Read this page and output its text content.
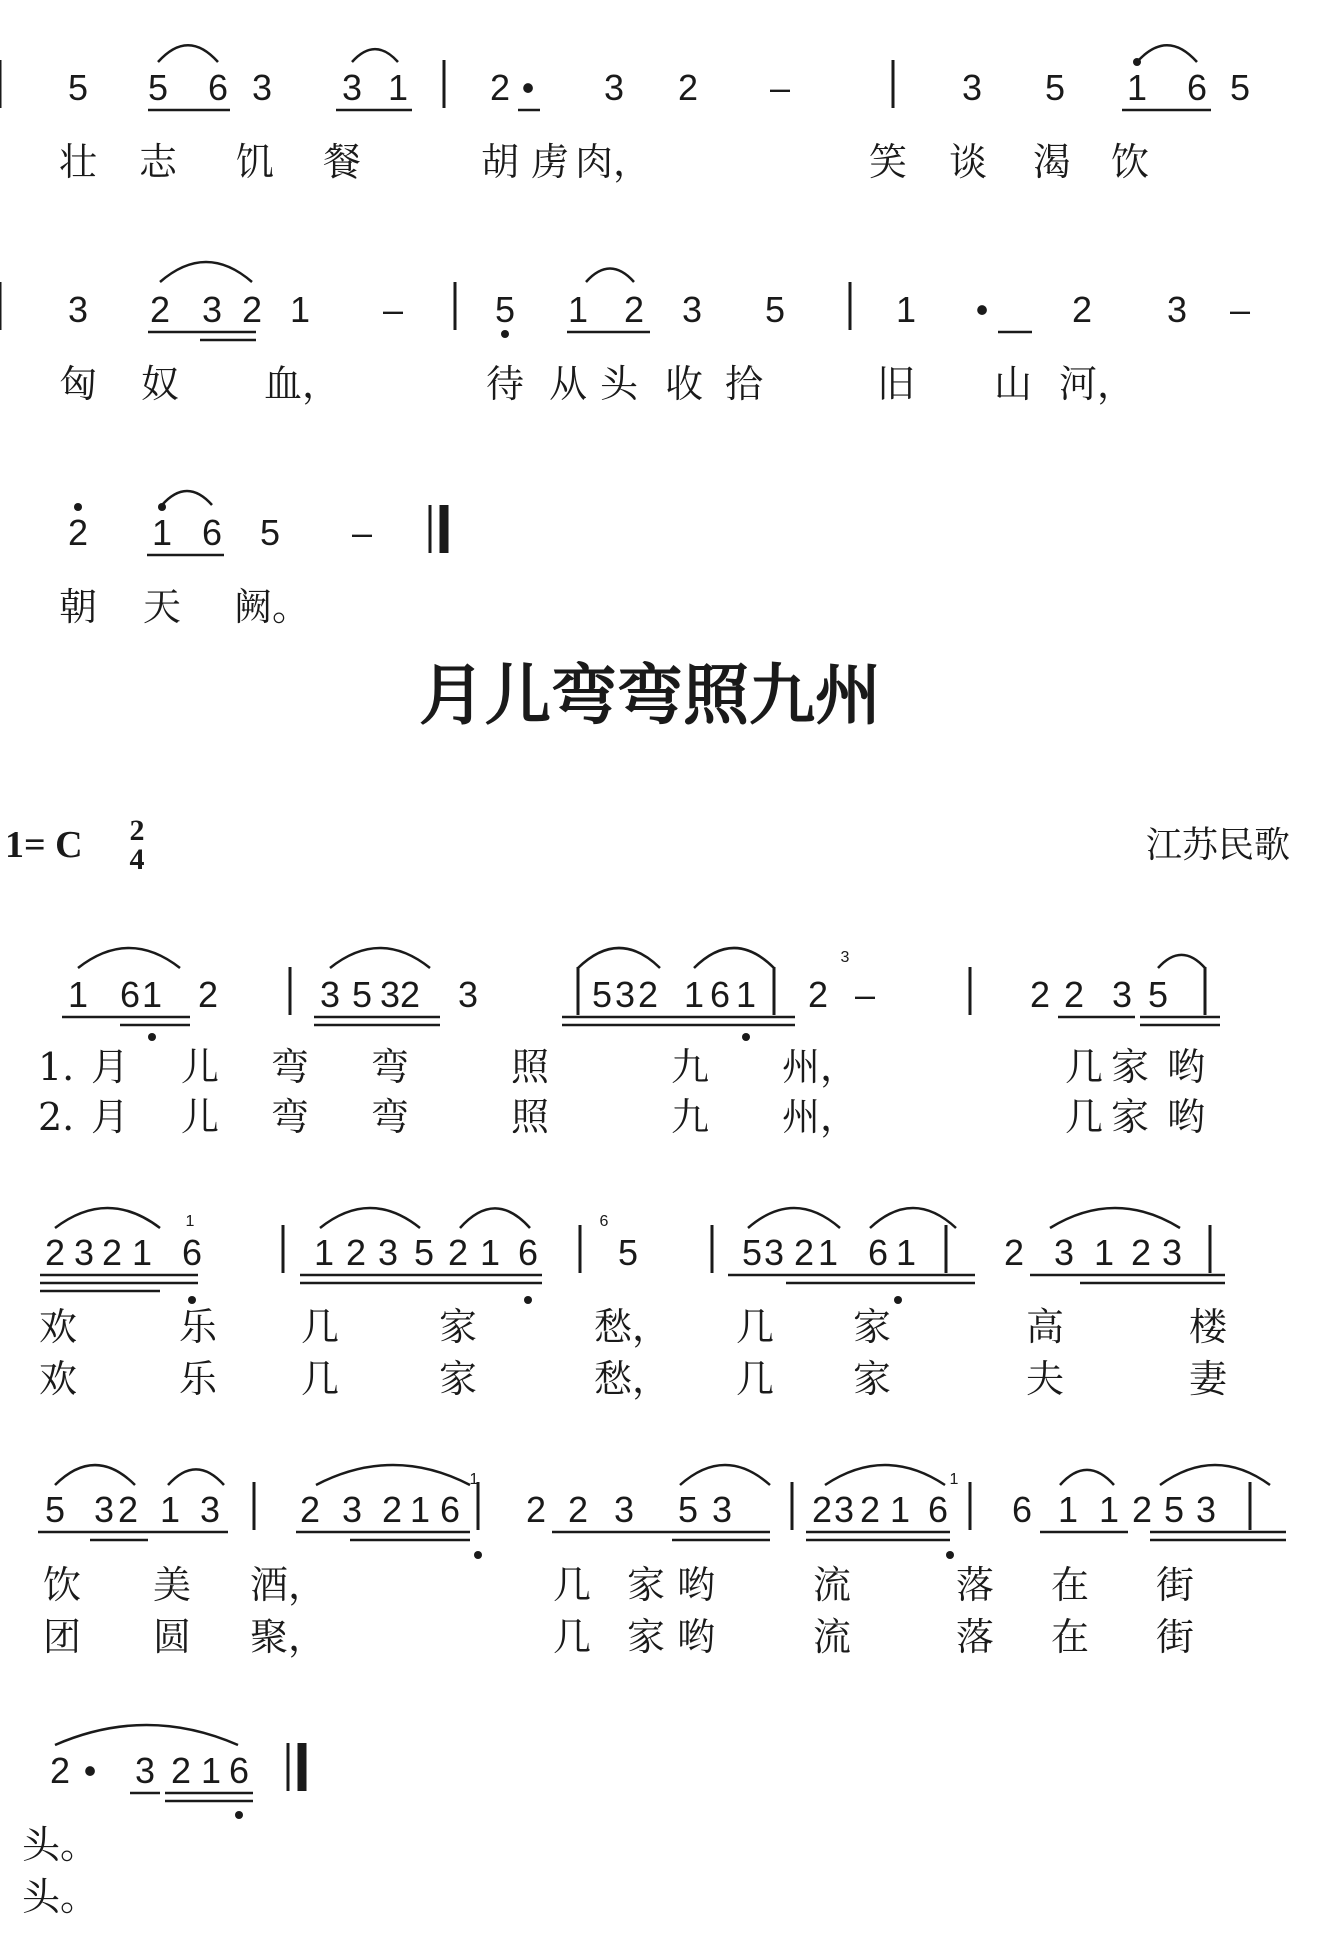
5 5 6 3 3 1 2 • 3 2 –	3 5 1 6 5
3 2 3 2 1 –	5 1 2 3 5	1 • 2 3 –
2 1 6 5 –
1 6 1 2	3 5 3 2 3	5 3 2 1 6 1 2 –	2 2 3 5
2 3 2 1 6	1 2 3 5 2 1 6 5	5 3 2 1 6 1 2 3 1 2 3
5 3 2 1 3 2 3 2 1 6 2 2 3 5 3 2 3 2 1 6 6 1 1 2 5 3
2 • 3 2 1 6
3
1	6
1	1
月儿弯弯照九州
1= C 2
4	江苏民歌
壮 志 饥 餐	胡 虏 肉，	笑 谈 渴 饮
匈 奴 血，	待 从 头 收 拾	旧 山 河，
朝 天 阙。
1.
2.
月 儿 弯 弯	照	九 州，	几 家 哟
月 儿 弯 弯	照	九 州，	几 家 哟
欢	乐 几	家	愁， 几 家	高	楼
欢	乐 几	家	愁， 几 家	夫	妻
饮 美 酒，	几 家 哟	流	落 在 街
团 圆 聚，	几 家 哟	流	落 在 街
头。
头。
